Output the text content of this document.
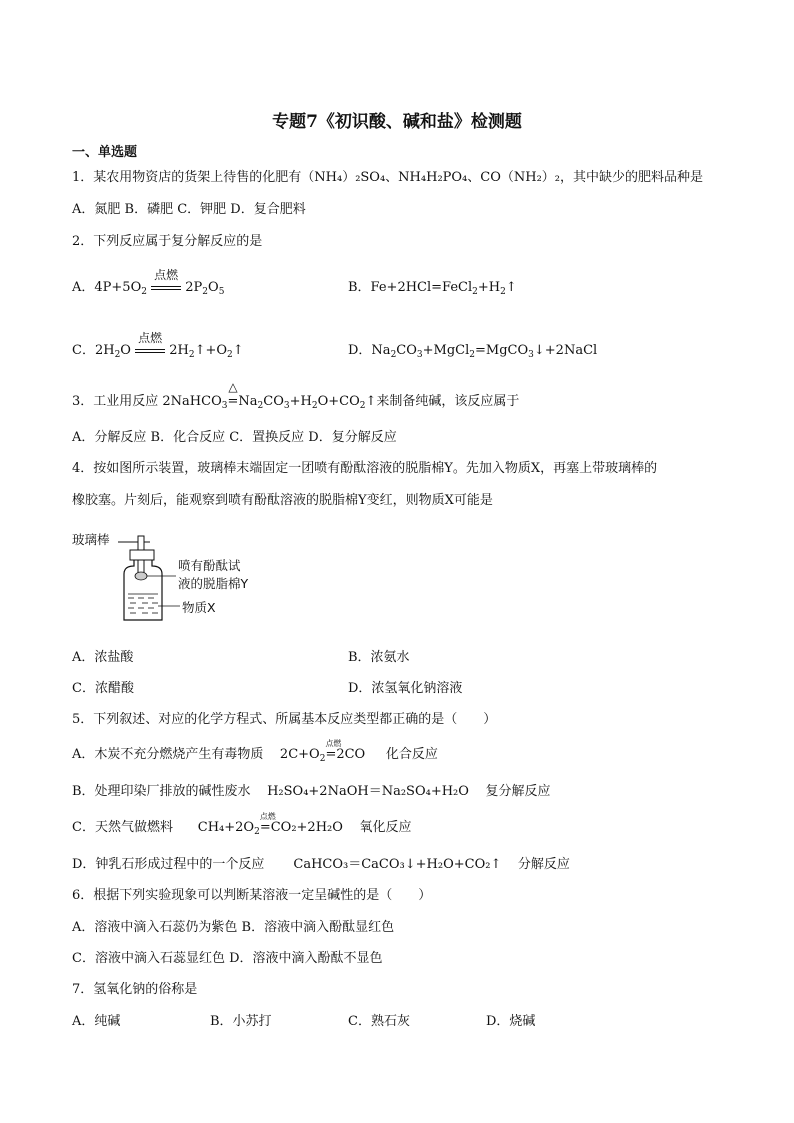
专题7《初识酸、碱和盐》检测题
一、单选题
1．某农用物资店的货架上待售的化肥有（NH₄）₂SO₄、NH₄H₂PO₄、CO（NH₂）₂，其中缺少的肥料品种是
A．氮肥 B．磷肥 C．钾肥 D．复合肥料
2．下列反应属于复分解反应的是
A．$4P+5O_2$
点燃
$2P_2O_5$	B．$Fe+2HCl=FeCl_2+H_2↑$
C．$2H_2O$
点燃
$2H_2↑+O_2↑$	D．$Na_2CO_3+MgCl_2=MgCO_3↓+2NaCl$
3．工业用反应 2NaHCO$_3$
△
$=Na_2CO_3+H_2O+CO_2↑$来制备纯碱，该反应属于
A．分解反应 B．化合反应 C．置换反应 D．复分解反应
4．按如图所示装置，玻璃棒末端固定一团喷有酚酞溶液的脱脂棉Y。先加入物质X，再塞上带玻璃棒的
橡胶塞。片刻后，能观察到喷有酚酞溶液的脱脂棉Y变红，则物质X可能是
玻璃棒
喷有酚酞试
液的脱脂棉Y
物质X
A．浓盐酸	B．浓氨水
C．浓醋酸	D．浓氢氧化钠溶液
5．下列叙述、对应的化学方程式、所属基本反应类型都正确的是（　　）
A．木炭不充分燃烧产生有毒物质 $2C+O_2$
点燃
=2CO 化合反应
B．处理印染厂排放的碱性废水 H₂SO₄+2NaOH＝Na₂SO₄+H₂O 复分解反应
C．天然气做燃料 $CH_4+2O_2$
点燃
=CO₂+2H₂O 氧化反应
D．钟乳石形成过程中的一个反应 CaHCO₃＝CaCO₃↓+H₂O+CO₂↑ 分解反应
6．根据下列实验现象可以判断某溶液一定呈碱性的是（　　）
A．溶液中滴入石蕊仍为紫色 B．溶液中滴入酚酞显红色
C．溶液中滴入石蕊显红色 D．溶液中滴入酚酞不显色
7．氢氧化钠的俗称是
A．纯碱	B．小苏打	C．熟石灰	D．烧碱
